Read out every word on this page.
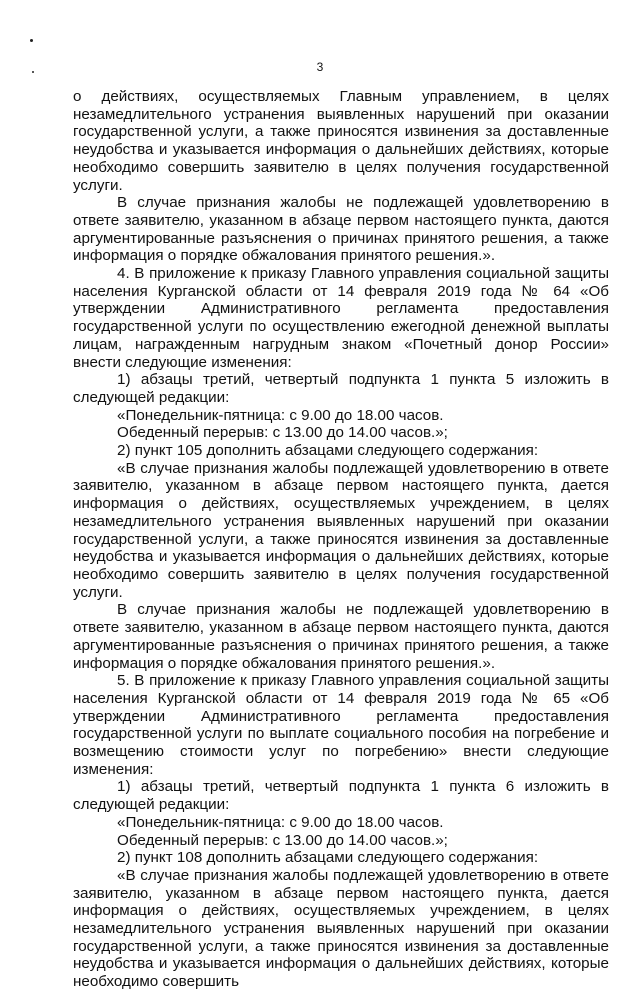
3

о действиях, осуществляемых Главным управлением, в целях незамедлительного устранения выявленных нарушений при оказании государственной услуги, а также приносятся извинения за доставленные неудобства и указывается информация о дальнейших действиях, которые необходимо совершить заявителю в целях получения государственной услуги.

В случае признания жалобы не подлежащей удовлетворению в ответе заявителю, указанном в абзаце первом настоящего пункта, даются аргументированные разъяснения о причинах принятого решения, а также информация о порядке обжалования принятого решения.».

4. В приложение к приказу Главного управления социальной защиты населения Курганской области от 14 февраля 2019 года № 64 «Об утверждении Административного регламента предоставления государственной услуги по осуществлению ежегодной денежной выплаты лицам, награжденным нагрудным знаком «Почетный донор России» внести следующие изменения:

1) абзацы третий, четвертый подпункта 1 пункта 5 изложить в следующей редакции:

«Понедельник-пятница: с 9.00 до 18.00 часов.

Обеденный перерыв: с 13.00 до 14.00 часов.»;

2) пункт 105 дополнить абзацами следующего содержания:

«В случае признания жалобы подлежащей удовлетворению в ответе заявителю, указанном в абзаце первом настоящего пункта, дается информация о действиях, осуществляемых учреждением, в целях незамедлительного устранения выявленных нарушений при оказании государственной услуги, а также приносятся извинения за доставленные неудобства и указывается информация о дальнейших действиях, которые необходимо совершить заявителю в целях получения государственной услуги.

В случае признания жалобы не подлежащей удовлетворению в ответе заявителю, указанном в абзаце первом настоящего пункта, даются аргументированные разъяснения о причинах принятого решения, а также информация о порядке обжалования принятого решения.».

5. В приложение к приказу Главного управления социальной защиты населения Курганской области от 14 февраля 2019 года № 65 «Об утверждении Административного регламента предоставления государственной услуги по выплате социального пособия на погребение и возмещению стоимости услуг по погребению» внести следующие изменения:

1) абзацы третий, четвертый подпункта 1 пункта 6 изложить в следующей редакции:

«Понедельник-пятница: с 9.00 до 18.00 часов.

Обеденный перерыв: с 13.00 до 14.00 часов.»;

2) пункт 108 дополнить абзацами следующего содержания:

«В случае признания жалобы подлежащей удовлетворению в ответе заявителю, указанном в абзаце первом настоящего пункта, дается информация о действиях, осуществляемых учреждением, в целях незамедлительного устранения выявленных нарушений при оказании государственной услуги, а также приносятся извинения за доставленные неудобства и указывается информация о дальнейших действиях, которые необходимо совершить
